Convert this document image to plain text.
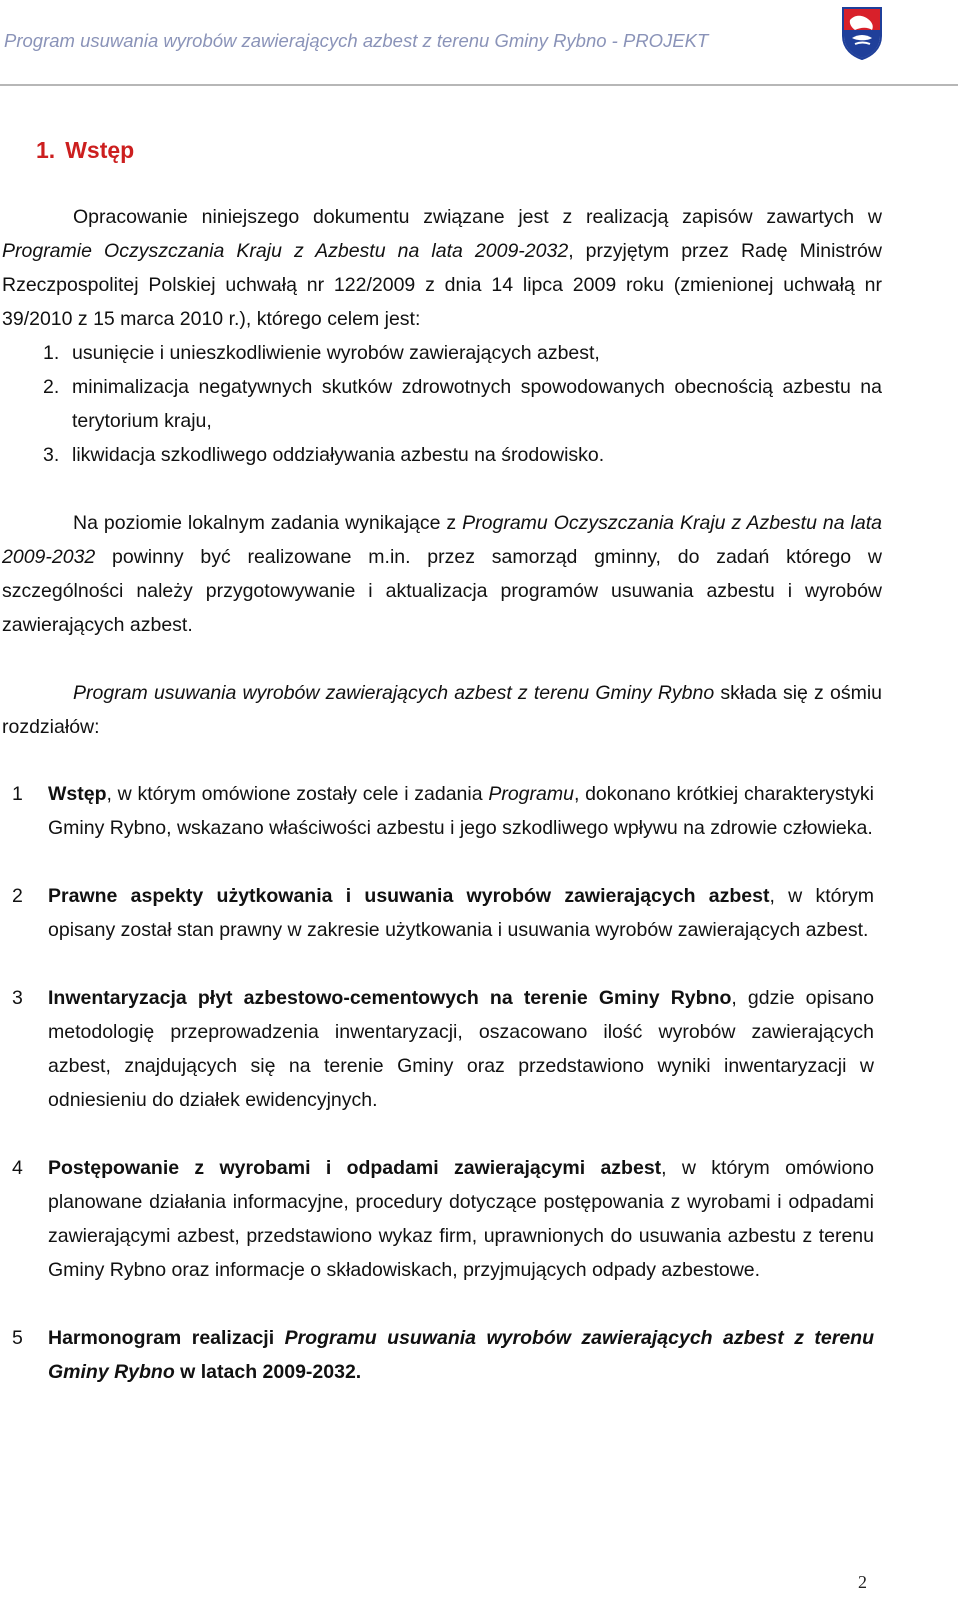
Program usuwania wyrobów zawierających azbest z terenu Gminy Rybno - PROJEKT
1. Wstęp

Opracowanie niniejszego dokumentu związane jest z realizacją zapisów zawartych w Programie Oczyszczania Kraju z Azbestu na lata 2009-2032, przyjętym przez Radę Ministrów Rzeczpospolitej Polskiej uchwałą nr 122/2009 z dnia 14 lipca 2009 roku (zmienionej uchwałą nr 39/2010 z 15 marca 2010 r.), którego celem jest:

1. usunięcie i unieszkodliwienie wyrobów zawierających azbest,
2. minimalizacja negatywnych skutków zdrowotnych spowodowanych obecnością azbestu na terytorium kraju,
3. likwidacja szkodliwego oddziaływania azbestu na środowisko.

Na poziomie lokalnym zadania wynikające z Programu Oczyszczania Kraju z Azbestu na lata 2009-2032 powinny być realizowane m.in. przez samorząd gminny, do zadań którego w szczególności należy przygotowywanie i aktualizacja programów usuwania azbestu i wyrobów zawierających azbest.

Program usuwania wyrobów zawierających azbest z terenu Gminy Rybno składa się z ośmiu rozdziałów:

1 Wstęp, w którym omówione zostały cele i zadania Programu, dokonano krótkiej charakterystyki Gminy Rybno, wskazano właściwości azbestu i jego szkodliwego wpływu na zdrowie człowieka.
2 Prawne aspekty użytkowania i usuwania wyrobów zawierających azbest, w którym opisany został stan prawny w zakresie użytkowania i usuwania wyrobów zawierających azbest.
3 Inwentaryzacja płyt azbestowo-cementowych na terenie Gminy Rybno, gdzie opisano metodologię przeprowadzenia inwentaryzacji, oszacowano ilość wyrobów zawierających azbest, znajdujących się na terenie Gminy oraz przedstawiono wyniki inwentaryzacji w odniesieniu do działek ewidencyjnych.
4 Postępowanie z wyrobami i odpadami zawierającymi azbest, w którym omówiono planowane działania informacyjne, procedury dotyczące postępowania z wyrobami i odpadami zawierającymi azbest, przedstawiono wykaz firm, uprawnionych do usuwania azbestu z terenu Gminy Rybno oraz informacje o składowiskach, przyjmujących odpady azbestowe.
5 Harmonogram realizacji Programu usuwania wyrobów zawierających azbest z terenu Gminy Rybno w latach 2009-2032.
2
